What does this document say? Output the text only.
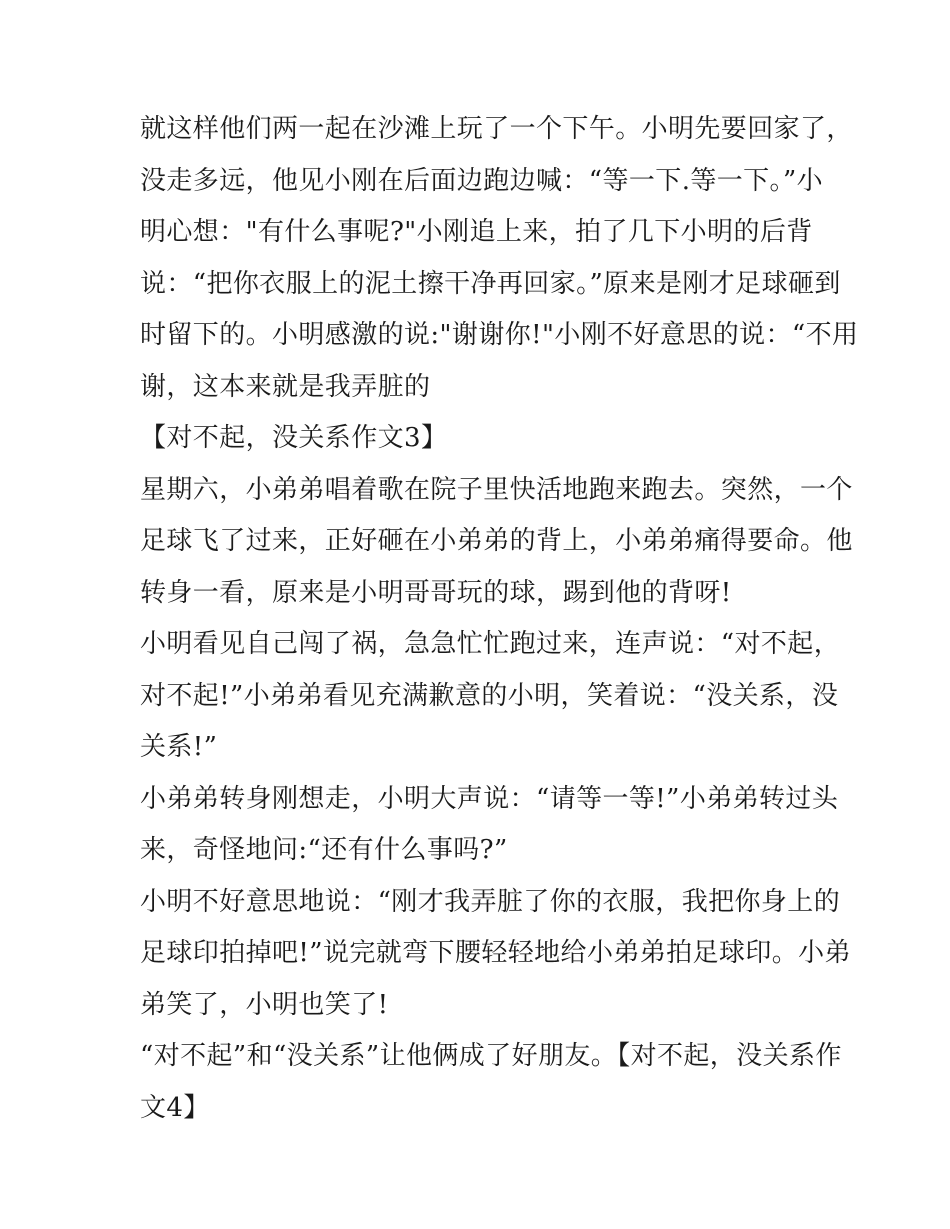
就这样他们两一起在沙滩上玩了一个下午。小明先要回家了，
没走多远，他见小刚在后面边跑边喊：“等一下.等一下。”小
明心想："有什么事呢?"小刚追上来，拍了几下小明的后背
说：“把你衣服上的泥土擦干净再回家。”原来是刚才足球砸到
时留下的。小明感激的说:"谢谢你!"小刚不好意思的说：“不用
谢，这本来就是我弄脏的
【对不起，没关系作文3】
星期六，小弟弟唱着歌在院子里快活地跑来跑去。突然，一个
足球飞了过来，正好砸在小弟弟的背上，小弟弟痛得要命。他
转身一看，原来是小明哥哥玩的球，踢到他的背呀!
小明看见自己闯了祸，急急忙忙跑过来，连声说：“对不起，
对不起!”小弟弟看见充满歉意的小明，笑着说：“没关系，没
关系!”
小弟弟转身刚想走，小明大声说：“请等一等!”小弟弟转过头
来，奇怪地问:“还有什么事吗?”
小明不好意思地说：“刚才我弄脏了你的衣服，我把你身上的
足球印拍掉吧!”说完就弯下腰轻轻地给小弟弟拍足球印。小弟
弟笑了，小明也笑了!
“对不起”和“没关系”让他俩成了好朋友。【对不起，没关系作
文4】
